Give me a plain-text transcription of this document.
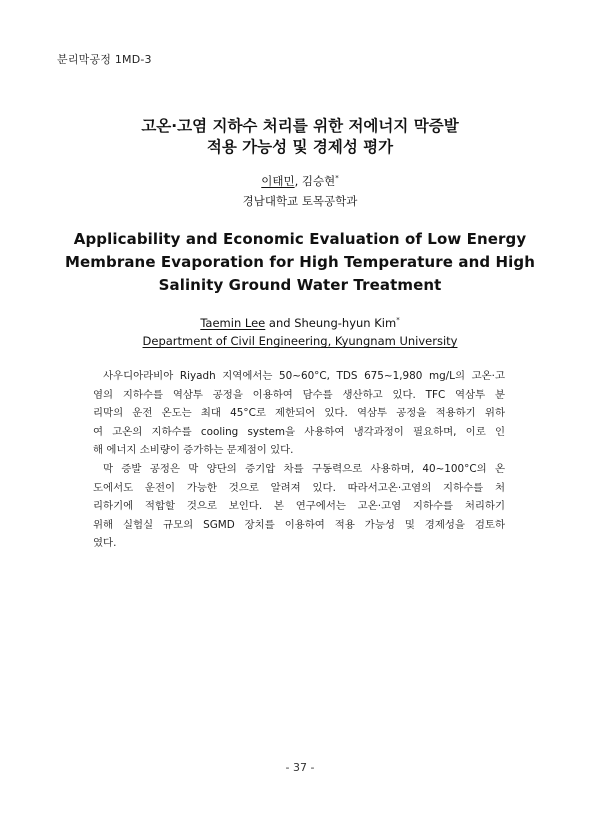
분리막공정 1MD-3
고온·고염 지하수 처리를 위한 저에너지 막증발
적용 가능성 및 경제성 평가
이태민, 김승현*
경남대학교 토목공학과
Applicability and Economic Evaluation of Low Energy
Membrane Evaporation for High Temperature and High
Salinity Ground Water Treatment
Taemin Lee and Sheung-hyun Kim*
Department of Civil Engineering, Kyungnam University
사우디아라비아 Riyadh 지역에서는 50~60°C, TDS 675~1,980 mg/L의 고온·고
염의 지하수를 역삼투 공정을 이용하여 담수를 생산하고 있다. TFC 역삼투 분
리막의 운전 온도는 최대 45°C로 제한되어 있다. 역삼투 공정을 적용하기 위하
여 고온의 지하수를 cooling system을 사용하여 냉각과정이 필요하며, 이로 인
해 에너지 소비량이 증가하는 문제점이 있다.
막 증발 공정은 막 양단의 증기압 차를 구동력으로 사용하며, 40~100°C의 온
도에서도 운전이 가능한 것으로 알려져 있다. 따라서고온·고염의 지하수를 처
리하기에 적합할 것으로 보인다. 본 연구에서는 고온·고염 지하수를 처리하기
위해 실험실 규모의 SGMD 장치를 이용하여 적용 가능성 및 경제성을 검토하
였다.
- 37 -
